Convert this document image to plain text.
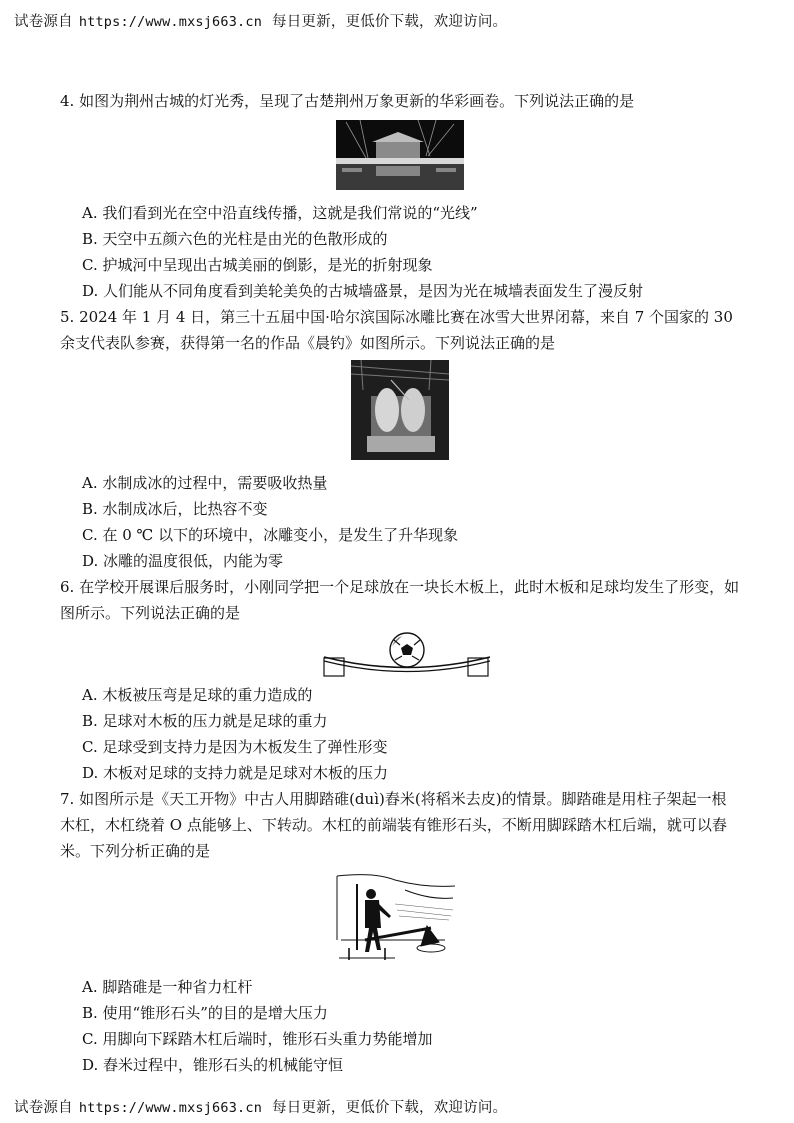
试卷源自 https://www.mxsj663.cn 每日更新，更低价下载，欢迎访问。
4. 如图为荆州古城的灯光秀，呈现了古楚荆州万象更新的华彩画卷。下列说法正确的是
A. 我们看到光在空中沿直线传播，这就是我们常说的“光线”
B. 天空中五颜六色的光柱是由光的色散形成的
C. 护城河中呈现出古城美丽的倒影，是光的折射现象
D. 人们能从不同角度看到美轮美奂的古城墙盛景，是因为光在城墙表面发生了漫反射
5. 2024 年 1 月 4 日，第三十五届中国·哈尔滨国际冰雕比赛在冰雪大世界闭幕，来自 7 个国家的 30 余支代表队参赛，获得第一名的作品《晨钓》如图所示。下列说法正确的是
A. 水制成冰的过程中，需要吸收热量
B. 水制成冰后，比热容不变
C. 在 0 ℃ 以下的环境中，冰雕变小，是发生了升华现象
D. 冰雕的温度很低，内能为零
6. 在学校开展课后服务时，小刚同学把一个足球放在一块长木板上，此时木板和足球均发生了形变，如图所示。下列说法正确的是
A. 木板被压弯是足球的重力造成的
B. 足球对木板的压力就是足球的重力
C. 足球受到支持力是因为木板发生了弹性形变
D. 木板对足球的支持力就是足球对木板的压力
7. 如图所示是《天工开物》中古人用脚踏碓(duì)舂米(将稻米去皮)的情景。脚踏碓是用柱子架起一根木杠，木杠绕着 O 点能够上、下转动。木杠的前端装有锥形石头，不断用脚踩踏木杠后端，就可以舂米。下列分析正确的是
A. 脚踏碓是一种省力杠杆
B. 使用“锥形石头”的目的是增大压力
C. 用脚向下踩踏木杠后端时，锥形石头重力势能增加
D. 舂米过程中，锥形石头的机械能守恒
试卷源自 https://www.mxsj663.cn 每日更新，更低价下载，欢迎访问。
